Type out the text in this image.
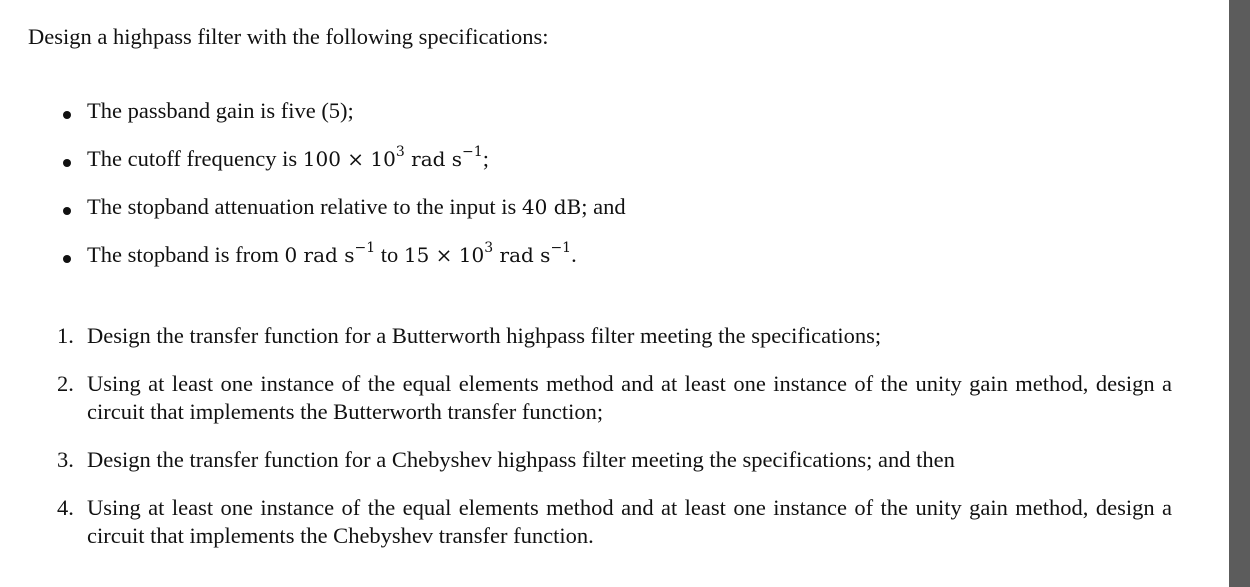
Design a highpass filter with the following specifications:
The passband gain is five (5);
The cutoff frequency is $100 \times 10^3$ rad $s^{-1}$;
The stopband attenuation relative to the input is 40 dB; and
The stopband is from 0 rad $s^{-1}$ to $15 \times 10^3$ rad $s^{-1}$.
1. Design the transfer function for a Butterworth highpass filter meeting the specifications;
2. Using at least one instance of the equal elements method and at least one instance of the unity gain method, design a circuit that implements the Butterworth transfer function;
3. Design the transfer function for a Chebyshev highpass filter meeting the specifications; and then
4. Using at least one instance of the equal elements method and at least one instance of the unity gain method, design a circuit that implements the Chebyshev transfer function.
